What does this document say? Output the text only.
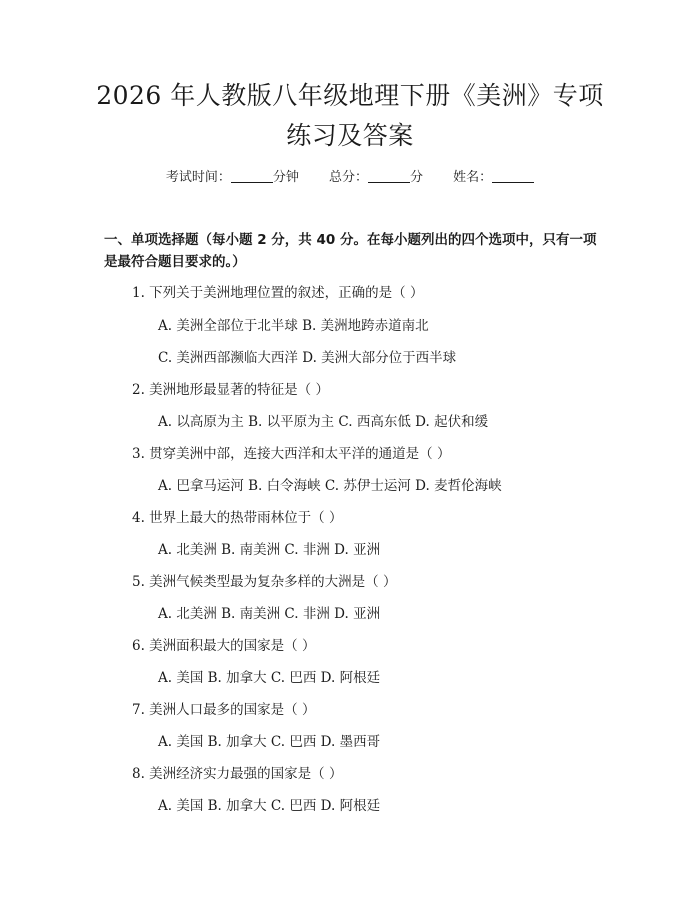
2026 年人教版八年级地理下册《美洲》专项
练习及答案
考试时间：	分钟 总分：	分 姓名：
一、单项选择题（每小题 2 分，共 40 分。在每小题列出的四个选项中，只有一项
是最符合题目要求的。）
1. 下列关于美洲地理位置的叙述，正确的是（ ）
A. 美洲全部位于北半球 B. 美洲地跨赤道南北
C. 美洲西部濒临大西洋 D. 美洲大部分位于西半球
2. 美洲地形最显著的特征是（ ）
A. 以高原为主 B. 以平原为主 C. 西高东低 D. 起伏和缓
3. 贯穿美洲中部，连接大西洋和太平洋的通道是（ ）
A. 巴拿马运河 B. 白令海峡 C. 苏伊士运河 D. 麦哲伦海峡
4. 世界上最大的热带雨林位于（ ）
A. 北美洲 B. 南美洲 C. 非洲 D. 亚洲
5. 美洲气候类型最为复杂多样的大洲是（ ）
A. 北美洲 B. 南美洲 C. 非洲 D. 亚洲
6. 美洲面积最大的国家是（ ）
A. 美国 B. 加拿大 C. 巴西 D. 阿根廷
7. 美洲人口最多的国家是（ ）
A. 美国 B. 加拿大 C. 巴西 D. 墨西哥
8. 美洲经济实力最强的国家是（ ）
A. 美国 B. 加拿大 C. 巴西 D. 阿根廷
